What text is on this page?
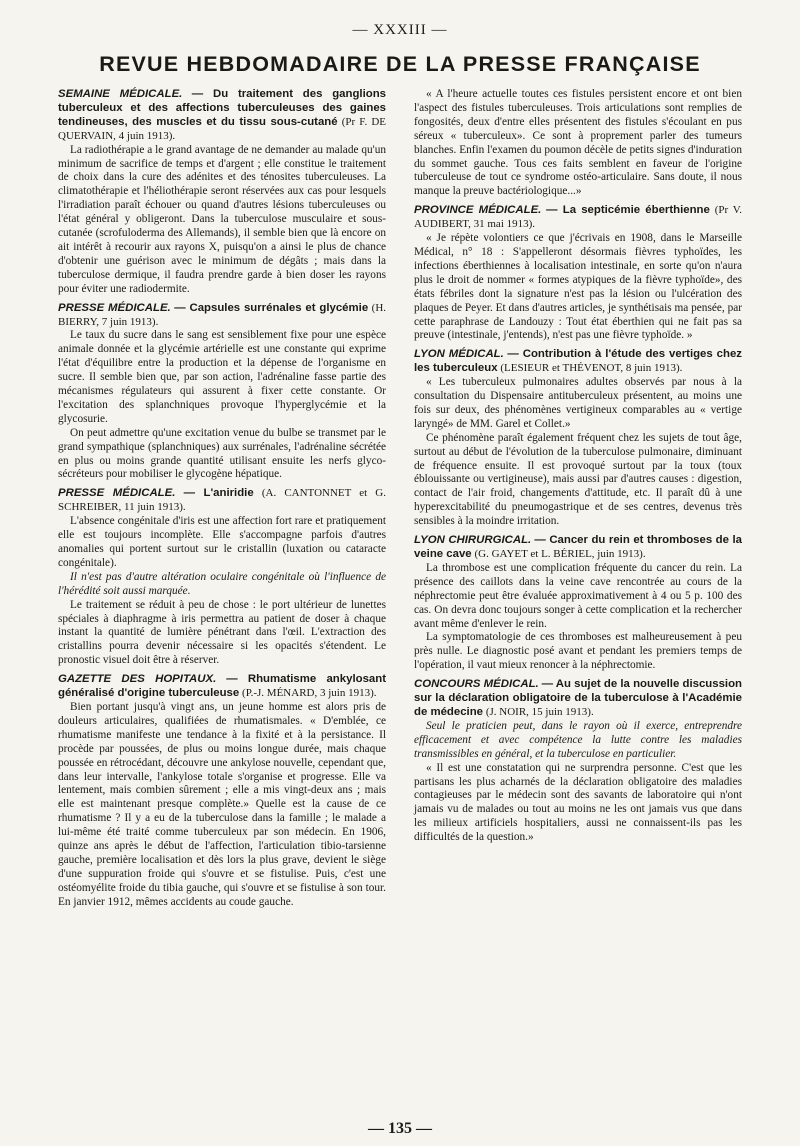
— XXXIII —
REVUE HEBDOMADAIRE DE LA PRESSE FRANÇAISE
SEMAINE MÉDICALE. — Du traitement des ganglions tuberculeux et des affections tuberculeuses des gaines tendineuses, des muscles et du tissu sous-cutané (Pr F. DE QUERVAIN, 4 juin 1913).

La radiothérapie a le grand avantage de ne demander au malade qu'un minimum de sacrifice de temps et d'argent ; elle constitue le traitement de choix dans la cure des adénites et des ténosites tuberculeuses. La climatothérapie et l'héliothérapie seront réservées aux cas pour lesquels l'irradiation paraît échouer ou quand d'autres lésions tuberculeuses ou l'état général y obligeront. Dans la tuberculose musculaire et sous-cutanée (scrofuloderma des Allemands), il semble bien que là encore on ait intérêt à recourir aux rayons X, puisqu'on a ainsi le plus de chance d'obtenir une guérison avec le minimum de dégâts ; mais dans la tuberculose dermique, il faudra prendre garde à bien doser les rayons pour éviter une radiodermite.

PRESSE MÉDICALE. — Capsules surrénales et glycémie (H. BIERRY, 7 juin 1913).

Le taux du sucre dans le sang est sensiblement fixe pour une espèce animale donnée et la glycémie artérielle est une constante qui exprime l'état d'équilibre entre la production et la dépense de l'organisme en sucre. Il semble bien que, par son action, l'adrénaline fasse partie des mécanismes régulateurs qui assurent à fixer cette constante. Or l'excitation des splanchniques provoque l'hyperglycémie et la glycosurie.

On peut admettre qu'une excitation venue du bulbe se transmet par le grand sympathique (splanchniques) aux surrénales, l'adrénaline sécrétée en plus ou moins grande quantité utilisant ensuite les nerfs glyco-sécréteurs pour mobiliser le glycogène hépatique.

PRESSE MÉDICALE. — L'aniridie (A. CANTONNET et G. SCHREIBER, 11 juin 1913).

L'absence congénitale d'iris est une affection fort rare et pratiquement elle est toujours incomplète. Elle s'accompagne parfois d'autres anomalies qui portent surtout sur le cristallin (luxation ou cataracte congénitale).

Il n'est pas d'autre altération oculaire congénitale où l'influence de l'hérédité soit aussi marquée.

Le traitement se réduit à peu de chose : le port ultérieur de lunettes spéciales à diaphragme à iris permettra au patient de doser à chaque instant la quantité de lumière pénétrant dans l'œil. L'extraction des cristallins pourra devenir nécessaire si les opacités s'étendent. Le pronostic visuel doit être à réserver.

GAZETTE DES HOPITAUX. — Rhumatisme ankylosant généralisé d'origine tuberculeuse (P.-J. MÉNARD, 3 juin 1913).

Bien portant jusqu'à vingt ans, un jeune homme est alors pris de douleurs articulaires, qualifiées de rhumatismales. « D'emblée, ce rhumatisme manifeste une tendance à la fixité et à la persistance. Il procède par poussées, de plus ou moins longue durée, mais chaque poussée en rétrocédant, découvre une ankylose nouvelle, cependant que, dans leur intervalle, l'ankylose totale s'organise et progresse. Elle va lentement, mais combien sûrement ; elle a mis vingt-deux ans ; mais elle est maintenant presque complète.» Quelle est la cause de ce rhumatisme ? Il y a eu de la tuberculose dans la famille ; le malade a lui-même été traité comme tuberculeux par son médecin. En 1906, quinze ans après le début de l'affection, l'articulation tibio-tarsienne gauche, première localisation et dès lors la plus grave, devient le siège d'une suppuration froide qui s'ouvre et se fistulise. Puis, c'est une ostéomyélite froide du tibia gauche, qui s'ouvre et se fistulise à son tour. En janvier 1912, mêmes accidents au coude gauche.

« A l'heure actuelle toutes ces fistules persistent encore et ont bien l'aspect des fistules tuberculeuses. Trois articulations sont remplies de fongosités, deux d'entre elles présentent des fistules s'écoulant en pus séreux « tuberculeux». Ce sont à proprement parler des tumeurs blanches. Enfin l'examen du poumon décèle de petits signes d'induration du sommet gauche. Tous ces faits semblent en faveur de l'origine tuberculeuse de tout ce syndrome ostéo-articulaire. Sans doute, il nous manque la preuve bactériologique...»

PROVINCE MÉDICALE. — La septicémie éberthienne (Pr V. AUDIBERT, 31 mai 1913).

« Je répète volontiers ce que j'écrivais en 1908, dans le Marseille Médical, n° 18 : S'appelleront désormais fièvres typhoïdes, les infections éberthiennes à localisation intestinale, en sorte qu'on n'aura plus le droit de nommer « formes atypiques de la fièvre typhoïde», des états fébriles dont la signature n'est pas la lésion ou l'ulcération des plaques de Peyer. Et dans d'autres articles, je synthétisais ma pensée, par cette paraphrase de Landouzy : Tout état éberthien qui ne fait pas sa preuve (intestinale, j'entends), n'est pas une fièvre typhoïde. »

LYON MÉDICAL. — Contribution à l'étude des vertiges chez les tuberculeux (LESIEUR et THÉVENOT, 8 juin 1913).

« Les tuberculeux pulmonaires adultes observés par nous à la consultation du Dispensaire antituberculeux présentent, au moins une fois sur deux, des phénomènes vertigineux comparables au « vertige laryngé» de MM. Garel et Collet.»

Ce phénomène paraît également fréquent chez les sujets de tout âge, surtout au début de l'évolution de la tuberculose pulmonaire, diminuant de fréquence ensuite. Il est provoqué surtout par la toux (toux éblouissante ou vertigineuse), mais aussi par d'autres causes : digestion, contact de l'air froid, changements d'attitude, etc. Il paraît dû à une hyperexcitabilité du pneumogastrique et de ses centres, devenus très sensibles à la moindre irritation.

LYON CHIRURGICAL. — Cancer du rein et thromboses de la veine cave (G. GAYET et L. BÉRIEL, juin 1913).

La thrombose est une complication fréquente du cancer du rein. La présence des caillots dans la veine cave rencontrée au cours de la néphrectomie peut être évaluée approximativement à 4 ou 5 p. 100 des cas. On devra donc toujours songer à cette complication et la rechercher avant même d'enlever le rein.

La symptomatologie de ces thromboses est malheureusement à peu près nulle. Le diagnostic posé avant et pendant les premiers temps de l'opération, il vaut mieux renoncer à la néphrectomie.

CONCOURS MÉDICAL. — Au sujet de la nouvelle discussion sur la déclaration obligatoire de la tuberculose à l'Académie de médecine (J. NOIR, 15 juin 1913).

Seul le praticien peut, dans le rayon où il exerce, entreprendre efficacement et avec compétence la lutte contre les maladies transmissibles en général, et la tuberculose en particulier.

« Il est une constatation qui ne surprendra personne. C'est que les partisans les plus acharnés de la déclaration obligatoire des maladies contagieuses par le médecin sont des savants de laboratoire qui n'ont jamais vu de malades ou tout au moins ne les ont jamais vus que dans les milieux artificiels hospitaliers, aussi ne connaissent-ils pas les difficultés de la question.»

— 135 —
